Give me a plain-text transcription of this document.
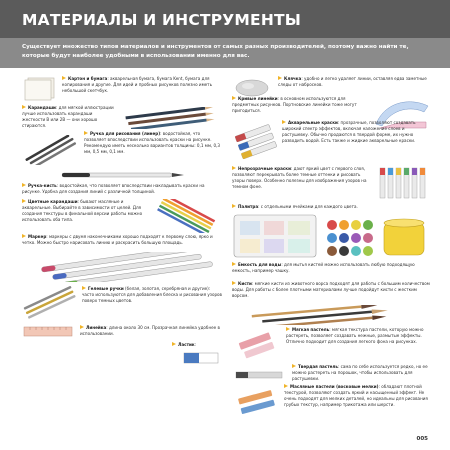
МАТЕРИАЛЫ И ИНСТРУМЕНТЫ

Существует множество типов материалов и инструментов от самых разных производителей, поэтому важно найти те, которые будут наиболее удобными в использовании именно для вас.

Картон и бумага: акварельная бумага, бумага Kent, бумага для копирования и другие. Для идей и пробных рисунков полезно иметь небольшой скетчбук.

Карандаши: для мягкой иллюстрации лучше использовать карандаши жесткости B или 2B — они хорошо стираются.

Ручка для рисования (линер): водостойкая, что позволяет впоследствии использовать краски на рисунке. Рекомендую иметь несколько вариантов толщины: 0,1 мм, 0,3 мм, 0,5 мм, 0,1 мм.

Ручка-кисть: водостойкая, что позволяет впоследствии накладывать краски на рисунке. Удобна для создания линий с различной толщиной.

Цветные карандаши: бывают масляные и акварельные. Выбирайте в зависимости от целей. Для создания текстуры в финальной версии работы можно использовать оба типа.

Маркер: маркеры с двумя наконечниками хорошо подходят к первому слою, ярко и четко. Можно быстро нарисовать линию и раскрасить большую площадь.

Гелевые ручки (белая, золотая, серебряная и другие): часто используются для добавления блеска и рисования узоров поверх темных цветов.

Линейка: длина около 30 см. Прозрачная линейка удобнее в использовании.

Ластик:

Клячка: удобно и легко удаляет линии, оставляя едва заметные следы от набросков.

Кривые линейки: в основном используются для предметных рисунков. Портновские линейки тоже могут пригодиться.

Акварельные краски: прозрачные, позволяют создавать широкий спектр эффектов, включая наложение слоев и растушевку. Обычно продаются в твердой форме, их нужно разводить водой. Есть также и жидкие акварельные краски.

Непрозрачные краски: дают яркий цвет с первого слоя, позволяют перекрывать более темные оттенки и рисовать узоры поверх. Особенно полезны для изображения узоров на темном фоне.

Палитра: с отдельными ячейками для каждого цвета.

Емкость для воды: для мытья кистей можно использовать любую подходящую емкость, например чашку.

Кисти: мягкие кисти из животного ворса подходят для работы с большим количеством воды. Для работы с более плотными материалами лучше подойдут кисти с жестким ворсом.

Мягкая пастель: мягкая текстура пастели, которую можно растереть, позволяет создавать нежные, размытые эффекты. Отлично подходит для создания легкого фона на рисунках.

Твердая пастель: сама по себе используется редко, но ее можно растереть на порошок, чтобы использовать для растушевки.

Масляные пастели (восковые мелки): обладают плотной текстурой, позволяют создать яркий и насыщенный эффект. Не очень подходят для мелких деталей, но идеальны для рисования грубых текстур, например трикотажа или шерсти.

005
